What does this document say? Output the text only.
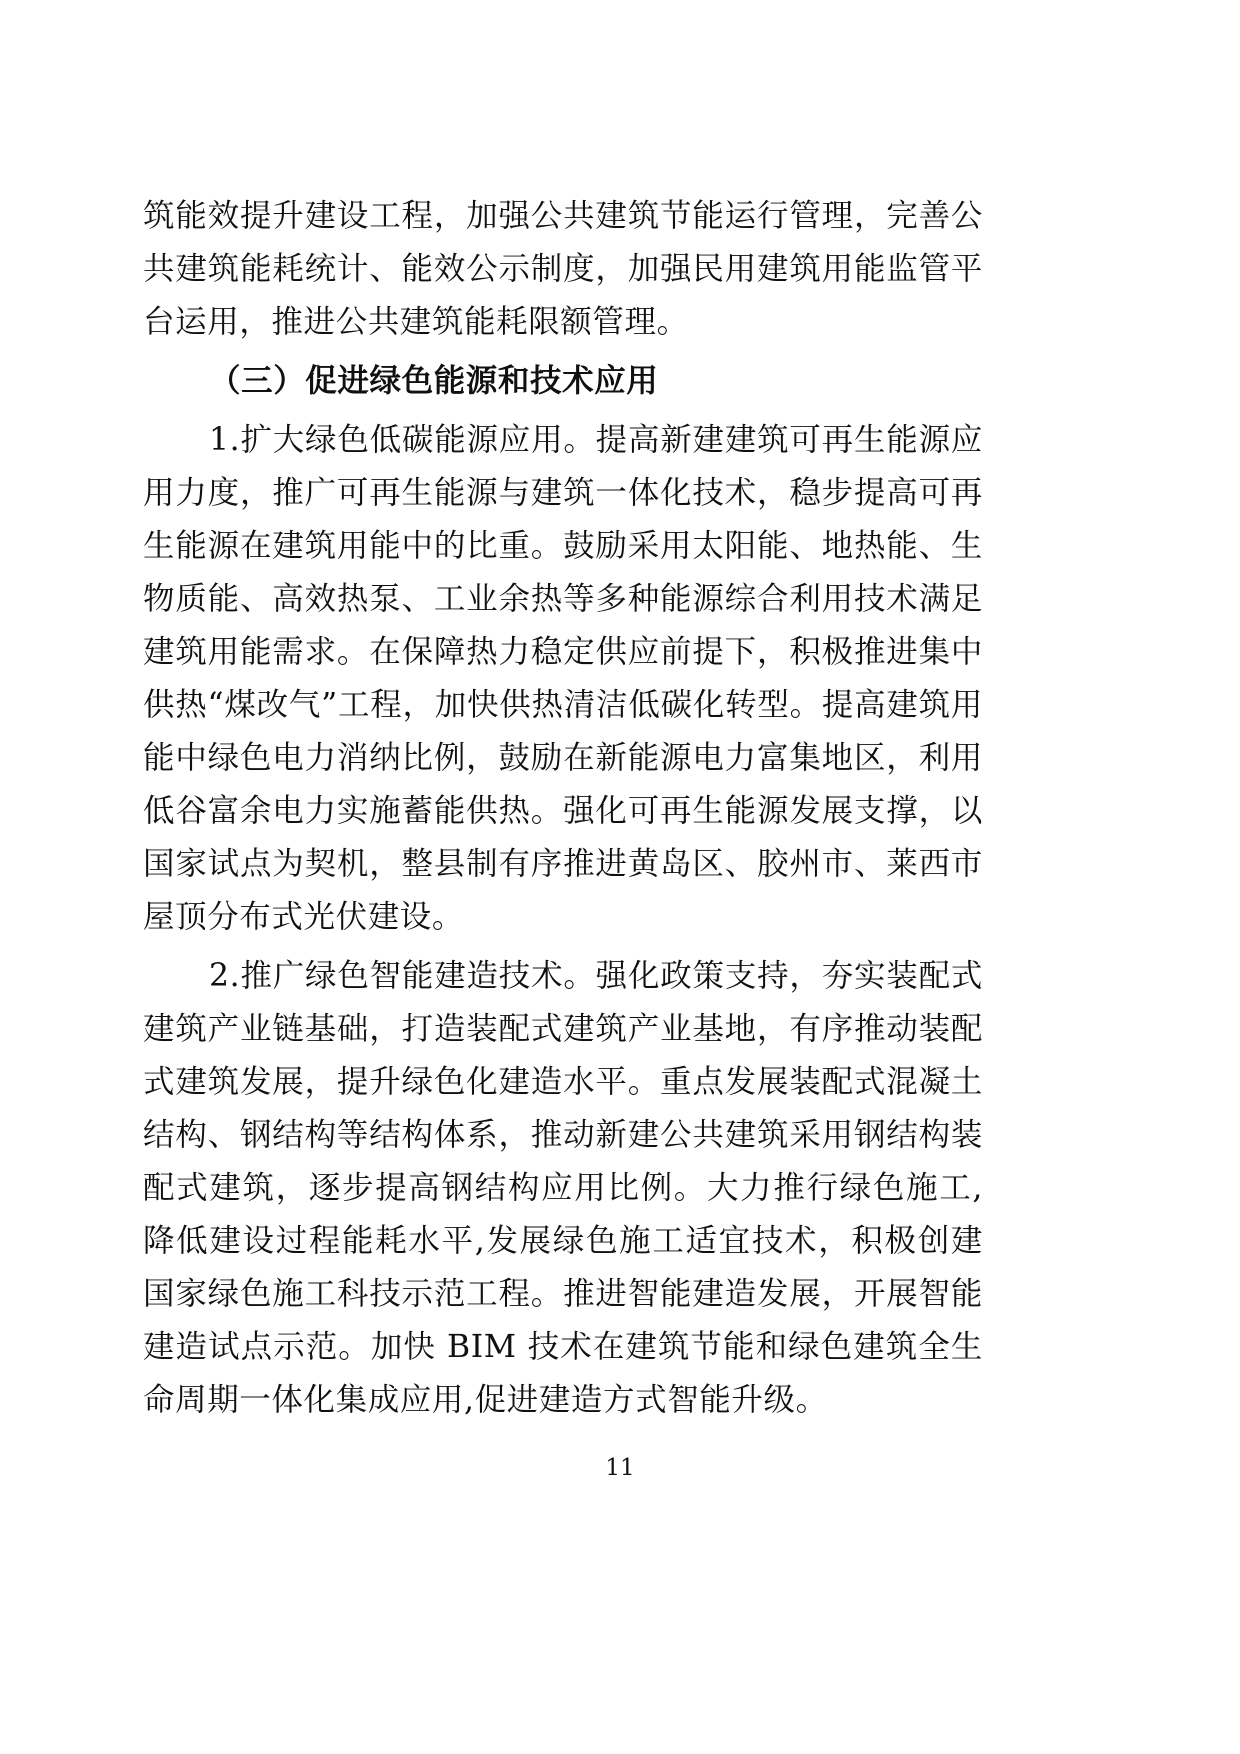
筑能效提升建设工程，加强公共建筑节能运行管理，完善公共建筑能耗统计、能效公示制度，加强民用建筑用能监管平台运用，推进公共建筑能耗限额管理。

（三）促进绿色能源和技术应用

1.扩大绿色低碳能源应用。提高新建建筑可再生能源应用力度，推广可再生能源与建筑一体化技术，稳步提高可再生能源在建筑用能中的比重。鼓励采用太阳能、地热能、生物质能、高效热泵、工业余热等多种能源综合利用技术满足建筑用能需求。在保障热力稳定供应前提下，积极推进集中供热“煤改气”工程，加快供热清洁低碳化转型。提高建筑用能中绿色电力消纳比例，鼓励在新能源电力富集地区，利用低谷富余电力实施蓄能供热。强化可再生能源发展支撑，以国家试点为契机，整县制有序推进黄岛区、胶州市、莱西市屋顶分布式光伏建设。

2.推广绿色智能建造技术。强化政策支持，夯实装配式建筑产业链基础，打造装配式建筑产业基地，有序推动装配式建筑发展，提升绿色化建造水平。重点发展装配式混凝土结构、钢结构等结构体系，推动新建公共建筑采用钢结构装配式建筑，逐步提高钢结构应用比例。大力推行绿色施工,降低建设过程能耗水平,发展绿色施工适宜技术，积极创建国家绿色施工科技示范工程。推进智能建造发展，开展智能建造试点示范。加快 BIM 技术在建筑节能和绿色建筑全生命周期一体化集成应用,促进建造方式智能升级。

11
